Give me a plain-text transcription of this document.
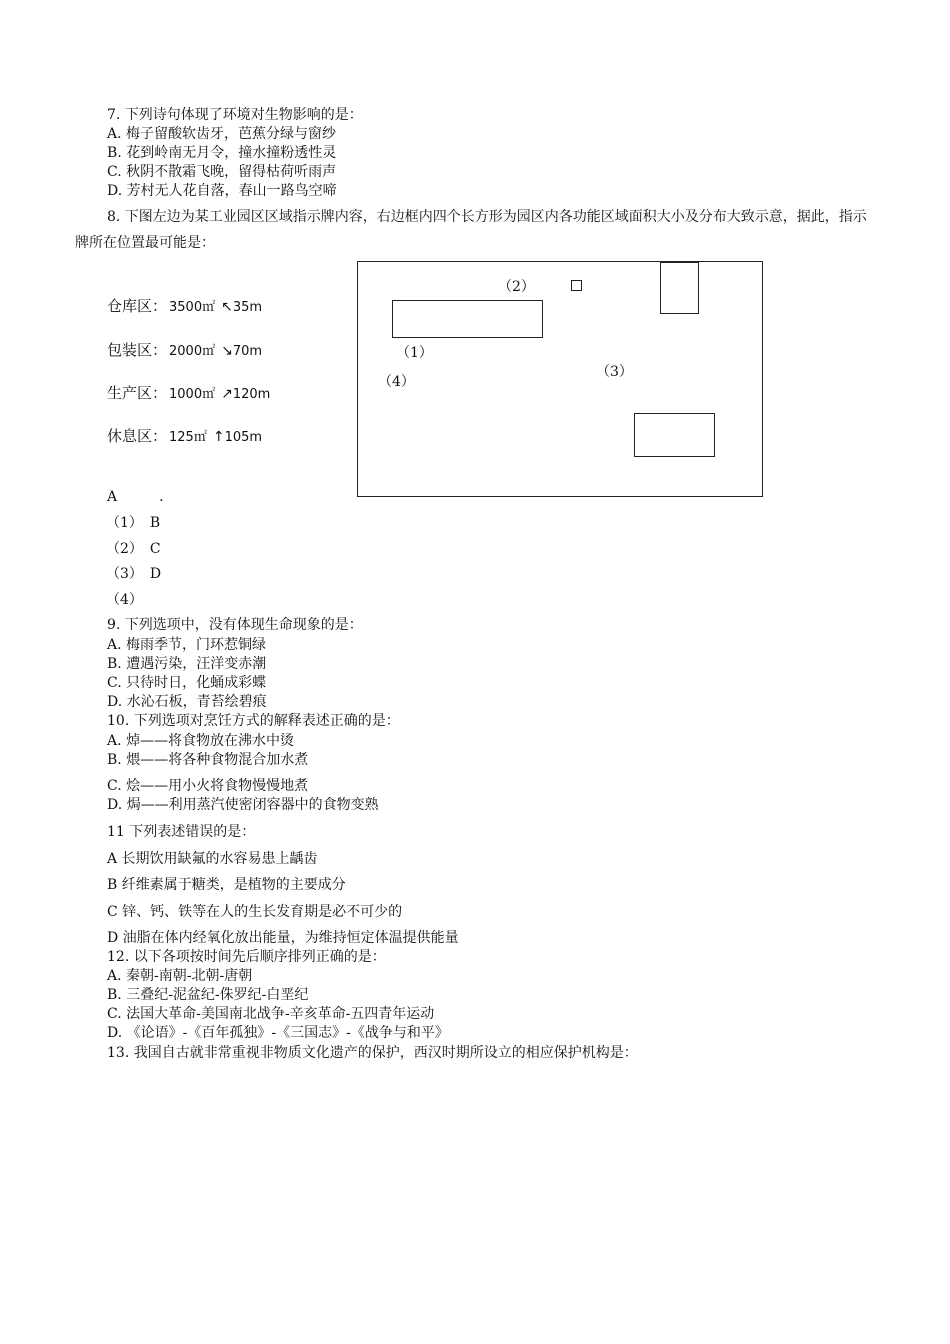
7. 下列诗句体现了环境对生物影响的是：
A. 梅子留酸软齿牙，芭蕉分绿与窗纱
B. 花到岭南无月令，撞水撞粉透性灵
C. 秋阴不散霜飞晚，留得枯荷听雨声
D. 芳村无人花自落，春山一路鸟空啼
8. 下图左边为某工业园区区域指示牌内容，右边框内四个长方形为园区内各功能区域面积大小及分布大致示意，据此，指示牌所在位置最可能是：
仓库区： 3500㎡ ↖35m
包装区： 2000㎡ ↘70m
生产区： 1000㎡ ↗120m
休息区： 125㎡ ↑105m
（2）
（1）
（4）
（3）
A　　　.
（1）　B
（2）　C
（3）　D
（4）
9. 下列选项中，没有体现生命现象的是：
A. 梅雨季节，门环惹铜绿
B. 遭遇污染，汪洋变赤潮
C. 只待时日，化蛹成彩蝶
D. 水沁石板，青苔绘碧痕
10. 下列选项对烹饪方式的解释表述正确的是：
A. 焯——将食物放在沸水中烫
B. 煨——将各种食物混合加水煮
C. 烩——用小火将食物慢慢地煮
D. 焗——利用蒸汽使密闭容器中的食物变熟
11 下列表述错误的是：
A 长期饮用缺氟的水容易患上龋齿
B 纤维素属于糖类，是植物的主要成分
C 锌、钙、铁等在人的生长发育期是必不可少的
D 油脂在体内经氧化放出能量，为维持恒定体温提供能量
12. 以下各项按时间先后顺序排列正确的是：
A. 秦朝-南朝-北朝-唐朝
B. 三叠纪-泥盆纪-侏罗纪-白垩纪
C. 法国大革命-美国南北战争-辛亥革命-五四青年运动
D. 《论语》-《百年孤独》-《三国志》-《战争与和平》
13. 我国自古就非常重视非物质文化遗产的保护，西汉时期所设立的相应保护机构是：
